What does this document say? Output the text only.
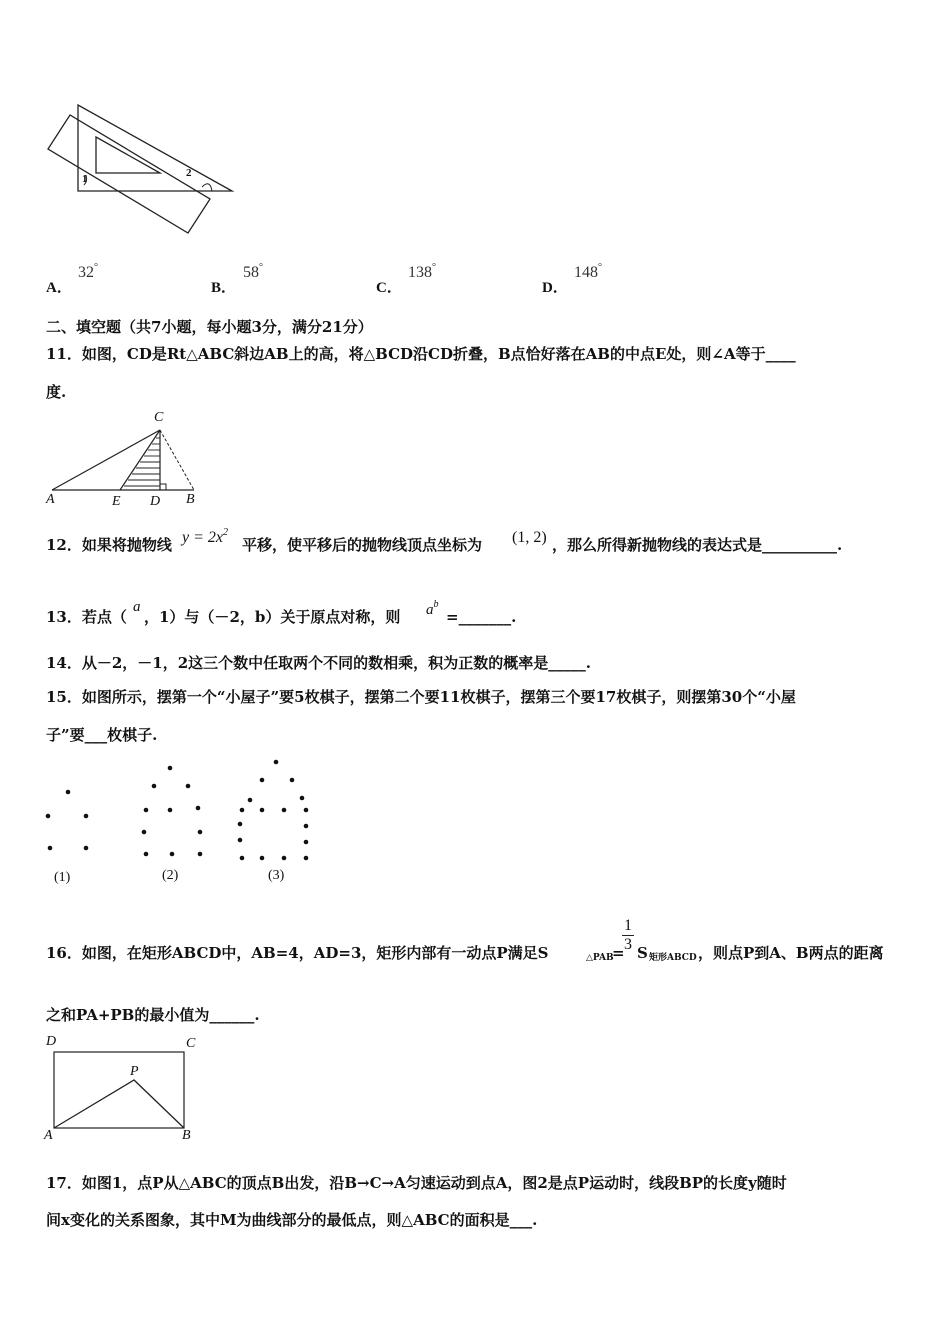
1	2
A．
32°
B．
58°
C．
138°
D．
148°
二、填空题（共7小题，每小题3分，满分21分）
11．如图，CD是Rt△ABC斜边AB上的高，将△BCD沿CD折叠，B点恰好落在AB的中点E处，则∠A等于____
度.
C
A	E D B
12．如果将抛物线 $y = 2x^2$
平移，使平移后的抛物线顶点坐标为 (1, 2) ，那么所得新抛物线的表达式是__________.
13．若点（
a
，1）与（－2，b）关于原点对称，则 $a^b$
=_______.
14．从－2，－1，2这三个数中任取两个不同的数相乘，积为正数的概率是_____.
15．如图所示，摆第一个“小屋子”要5枚棋子，摆第二个要11枚棋子，摆第三个要17枚棋子，则摆第30个“小屋
子”要___枚棋子.
(1)	(2)	(3)
16．如图，在矩形ABCD中，AB=4，AD=3，矩形内部有一动点P满足S	△PAB
=
$\frac{1}{3}$ S 矩形ABCD ，则点P到A、B两点的距离
之和PA+PB的最小值为______.
D	C
P
A	B
17．如图1，点P从△ABC的顶点B出发，沿B→C→A匀速运动到点A，图2是点P运动时，线段BP的长度y随时
间x变化的关系图象，其中M为曲线部分的最低点，则△ABC的面积是___.
